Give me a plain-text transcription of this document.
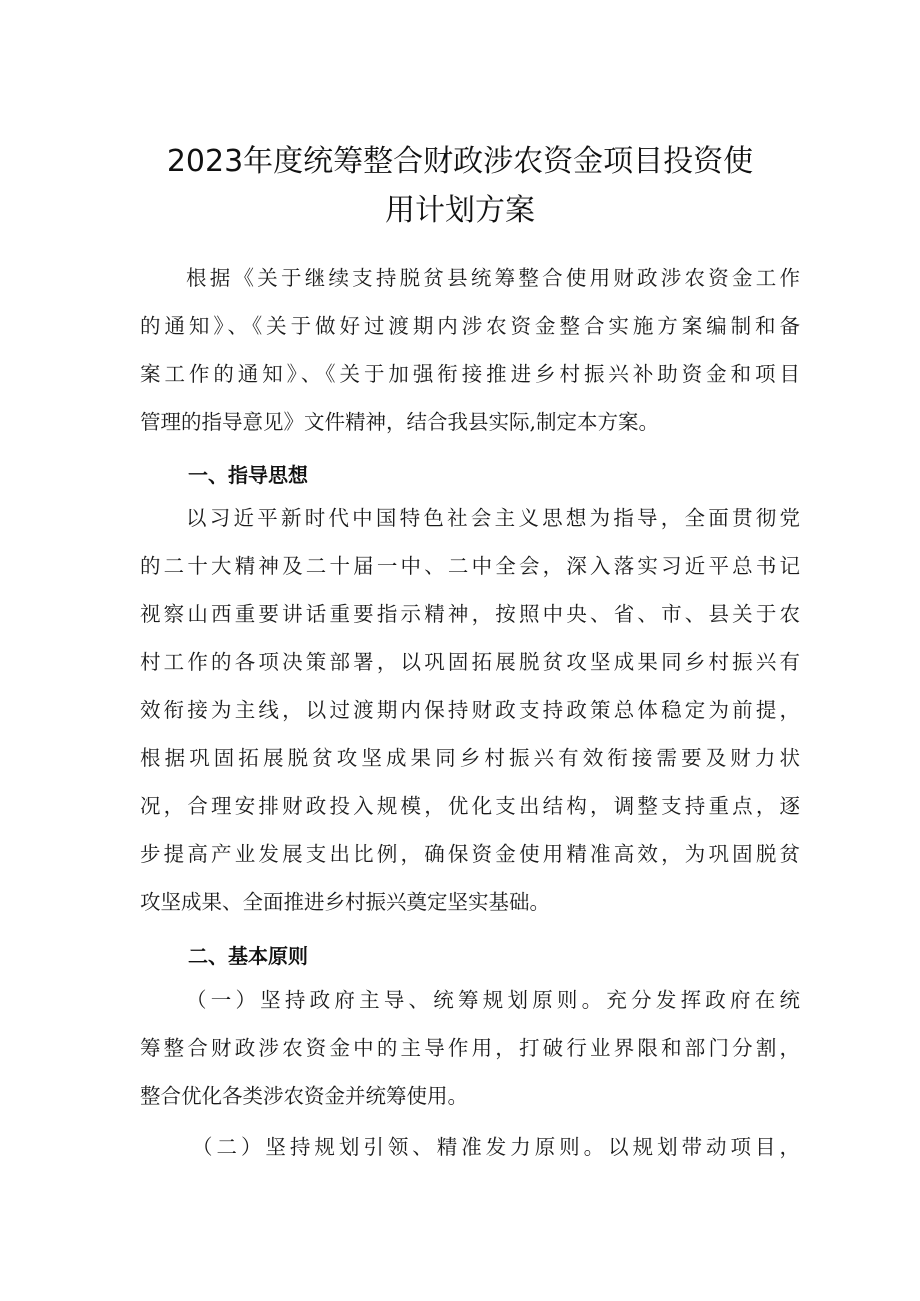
2023年度统筹整合财政涉农资金项目投资使
用计划方案
根据《关于继续支持脱贫县统筹整合使用财政涉农资金工作
的通知》、《关于做好过渡期内涉农资金整合实施方案编制和备
案工作的通知》、《关于加强衔接推进乡村振兴补助资金和项目
管理的指导意见》文件精神，结合我县实际,制定本方案。
一、指导思想
以习近平新时代中国特色社会主义思想为指导，全面贯彻党
的二十大精神及二十届一中、二中全会，深入落实习近平总书记
视察山西重要讲话重要指示精神，按照中央、省、市、县关于农
村工作的各项决策部署，以巩固拓展脱贫攻坚成果同乡村振兴有
效衔接为主线，以过渡期内保持财政支持政策总体稳定为前提，
根据巩固拓展脱贫攻坚成果同乡村振兴有效衔接需要及财力状
况，合理安排财政投入规模，优化支出结构，调整支持重点，逐
步提高产业发展支出比例，确保资金使用精准高效，为巩固脱贫
攻坚成果、全面推进乡村振兴奠定坚实基础。
二、基本原则
（一）坚持政府主导、统筹规划原则。充分发挥政府在统
筹整合财政涉农资金中的主导作用，打破行业界限和部门分割，
整合优化各类涉农资金并统筹使用。
（二）坚持规划引领、精准发力原则。以规划带动项目，
